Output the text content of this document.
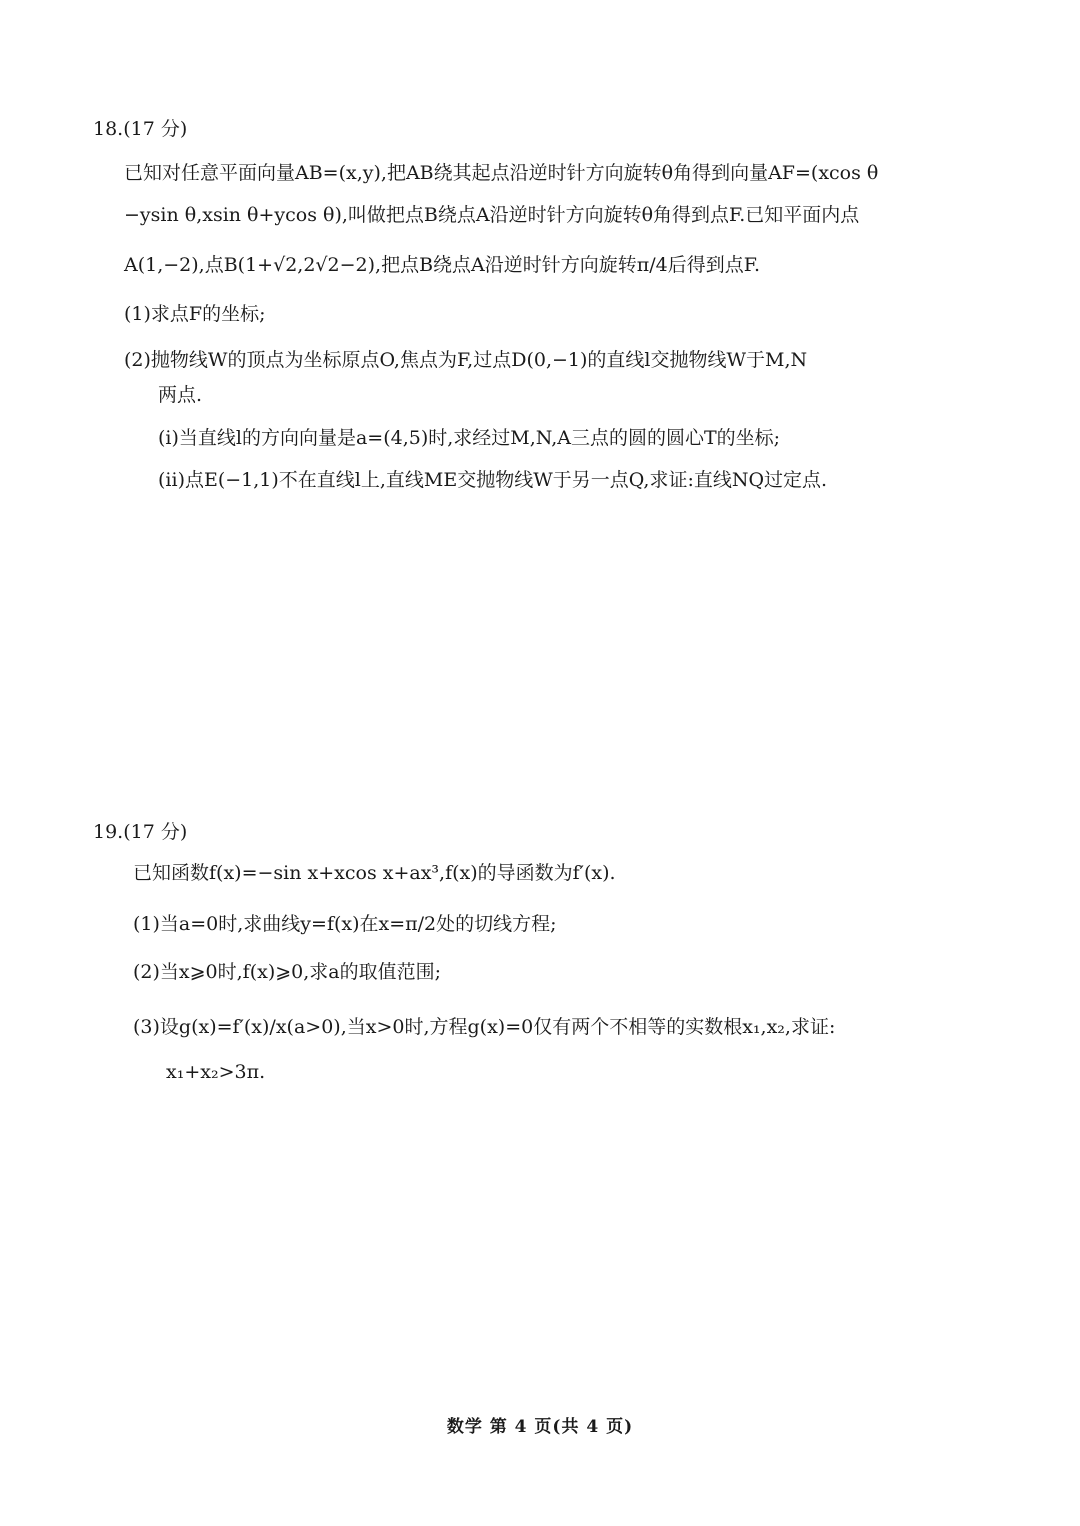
18.(17 分)
已知对任意平面向量AB=(x,y),把AB绕其起点沿逆时针方向旋转θ角得到向量AF=(xcos θ
−ysin θ,xsin θ+ycos θ),叫做把点B绕点A沿逆时针方向旋转θ角得到点F.已知平面内点
A(1,−2),点B(1+√2,2√2−2),把点B绕点A沿逆时针方向旋转π/4后得到点F.
(1)求点F的坐标;
(2)抛物线W的顶点为坐标原点O,焦点为F,过点D(0,−1)的直线l交抛物线W于M,N
两点.
(i)当直线l的方向向量是a=(4,5)时,求经过M,N,A三点的圆的圆心T的坐标;
(ii)点E(−1,1)不在直线l上,直线ME交抛物线W于另一点Q,求证:直线NQ过定点.
19.(17 分)
已知函数f(x)=−sin x+xcos x+ax³,f(x)的导函数为f′(x).
(1)当a=0时,求曲线y=f(x)在x=π/2处的切线方程;
(2)当x⩾0时,f(x)⩾0,求a的取值范围;
(3)设g(x)=f′(x)/x(a>0),当x>0时,方程g(x)=0仅有两个不相等的实数根x₁,x₂,求证:
x₁+x₂>3π.
数学 第 4 页(共 4 页)
